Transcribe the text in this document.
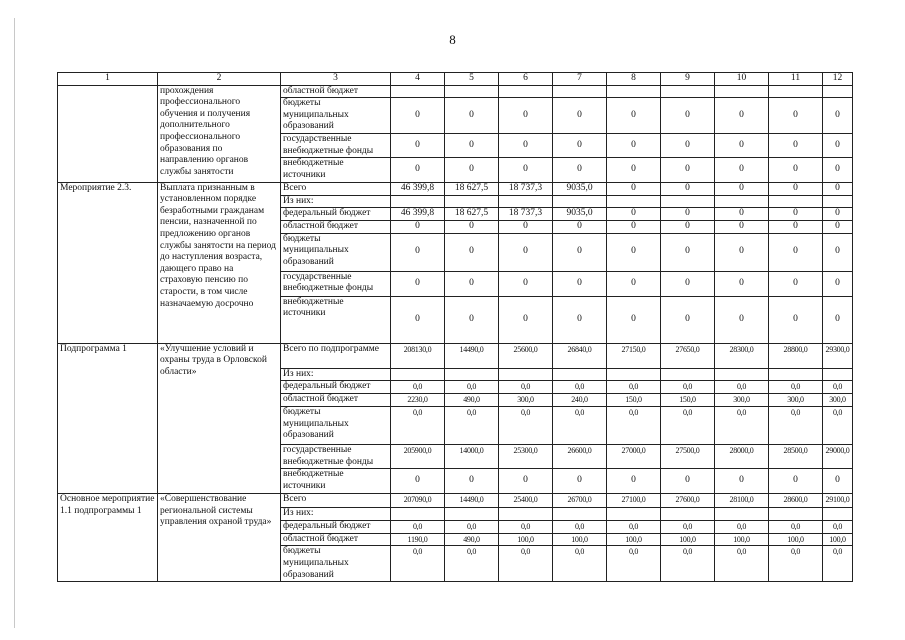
8
1	2	3	4	5	6	7	8	9	10	11	12
	прохождения профессионального обучения и получения дополнительного профессионального образования по направлению органов службы занятости	областной бюджет									
		бюджеты муниципальных образований	0	0	0	0	0	0	0	0	0
		государственные внебюджетные фонды	0	0	0	0	0	0	0	0	0
		внебюджетные источники	0	0	0	0	0	0	0	0	0
Мероприятие 2.3.	Выплата признанным в установленном порядке безработными гражданам пенсии, назначенной по предложению органов службы занятости на период до наступления возраста, дающего право на страховую пенсию по старости, в том числе назначаемую досрочно	Всего	46 399,8	18 627,5	18 737,3	9035,0	0	0	0	0	0
		Из них:									
		федеральный бюджет	46 399,8	18 627,5	18 737,3	9035,0	0	0	0	0	0
		областной бюджет	0	0	0	0	0	0	0	0	0
		бюджеты муниципальных образований	0	0	0	0	0	0	0	0	0
		государственные внебюджетные фонды	0	0	0	0	0	0	0	0	0
		внебюджетные источники	0	0	0	0	0	0	0	0	0
Подпрограмма 1	«Улучшение условий и охраны труда в Орловской области»	Всего по подпрограмме	208130,0	14490,0	25600,0	26840,0	27150,0	27650,0	28300,0	28800,0	29300,0
		Из них:									
		федеральный бюджет	0,0	0,0	0,0	0,0	0,0	0,0	0,0	0,0	0,0
		областной бюджет	2230,0	490,0	300,0	240,0	150,0	150,0	300,0	300,0	300,0
		бюджеты муниципальных образований	0,0	0,0	0,0	0,0	0,0	0,0	0,0	0,0	0,0
		государственные внебюджетные фонды	205900,0	14000,0	25300,0	26600,0	27000,0	27500,0	28000,0	28500,0	29000,0
		внебюджетные источники	0	0	0	0	0	0	0	0	0
Основное мероприятие 1.1 подпрограммы 1	«Совершенствование региональной системы управления охраной труда»	Всего	207090,0	14490,0	25400,0	26700,0	27100,0	27600,0	28100,0	28600,0	29100,0
		Из них:									
		федеральный бюджет	0,0	0,0	0,0	0,0	0,0	0,0	0,0	0,0	0,0
		областной бюджет	1190,0	490,0	100,0	100,0	100,0	100,0	100,0	100,0	100,0
		бюджеты муниципальных образований	0,0	0,0	0,0	0,0	0,0	0,0	0,0	0,0	0,0
